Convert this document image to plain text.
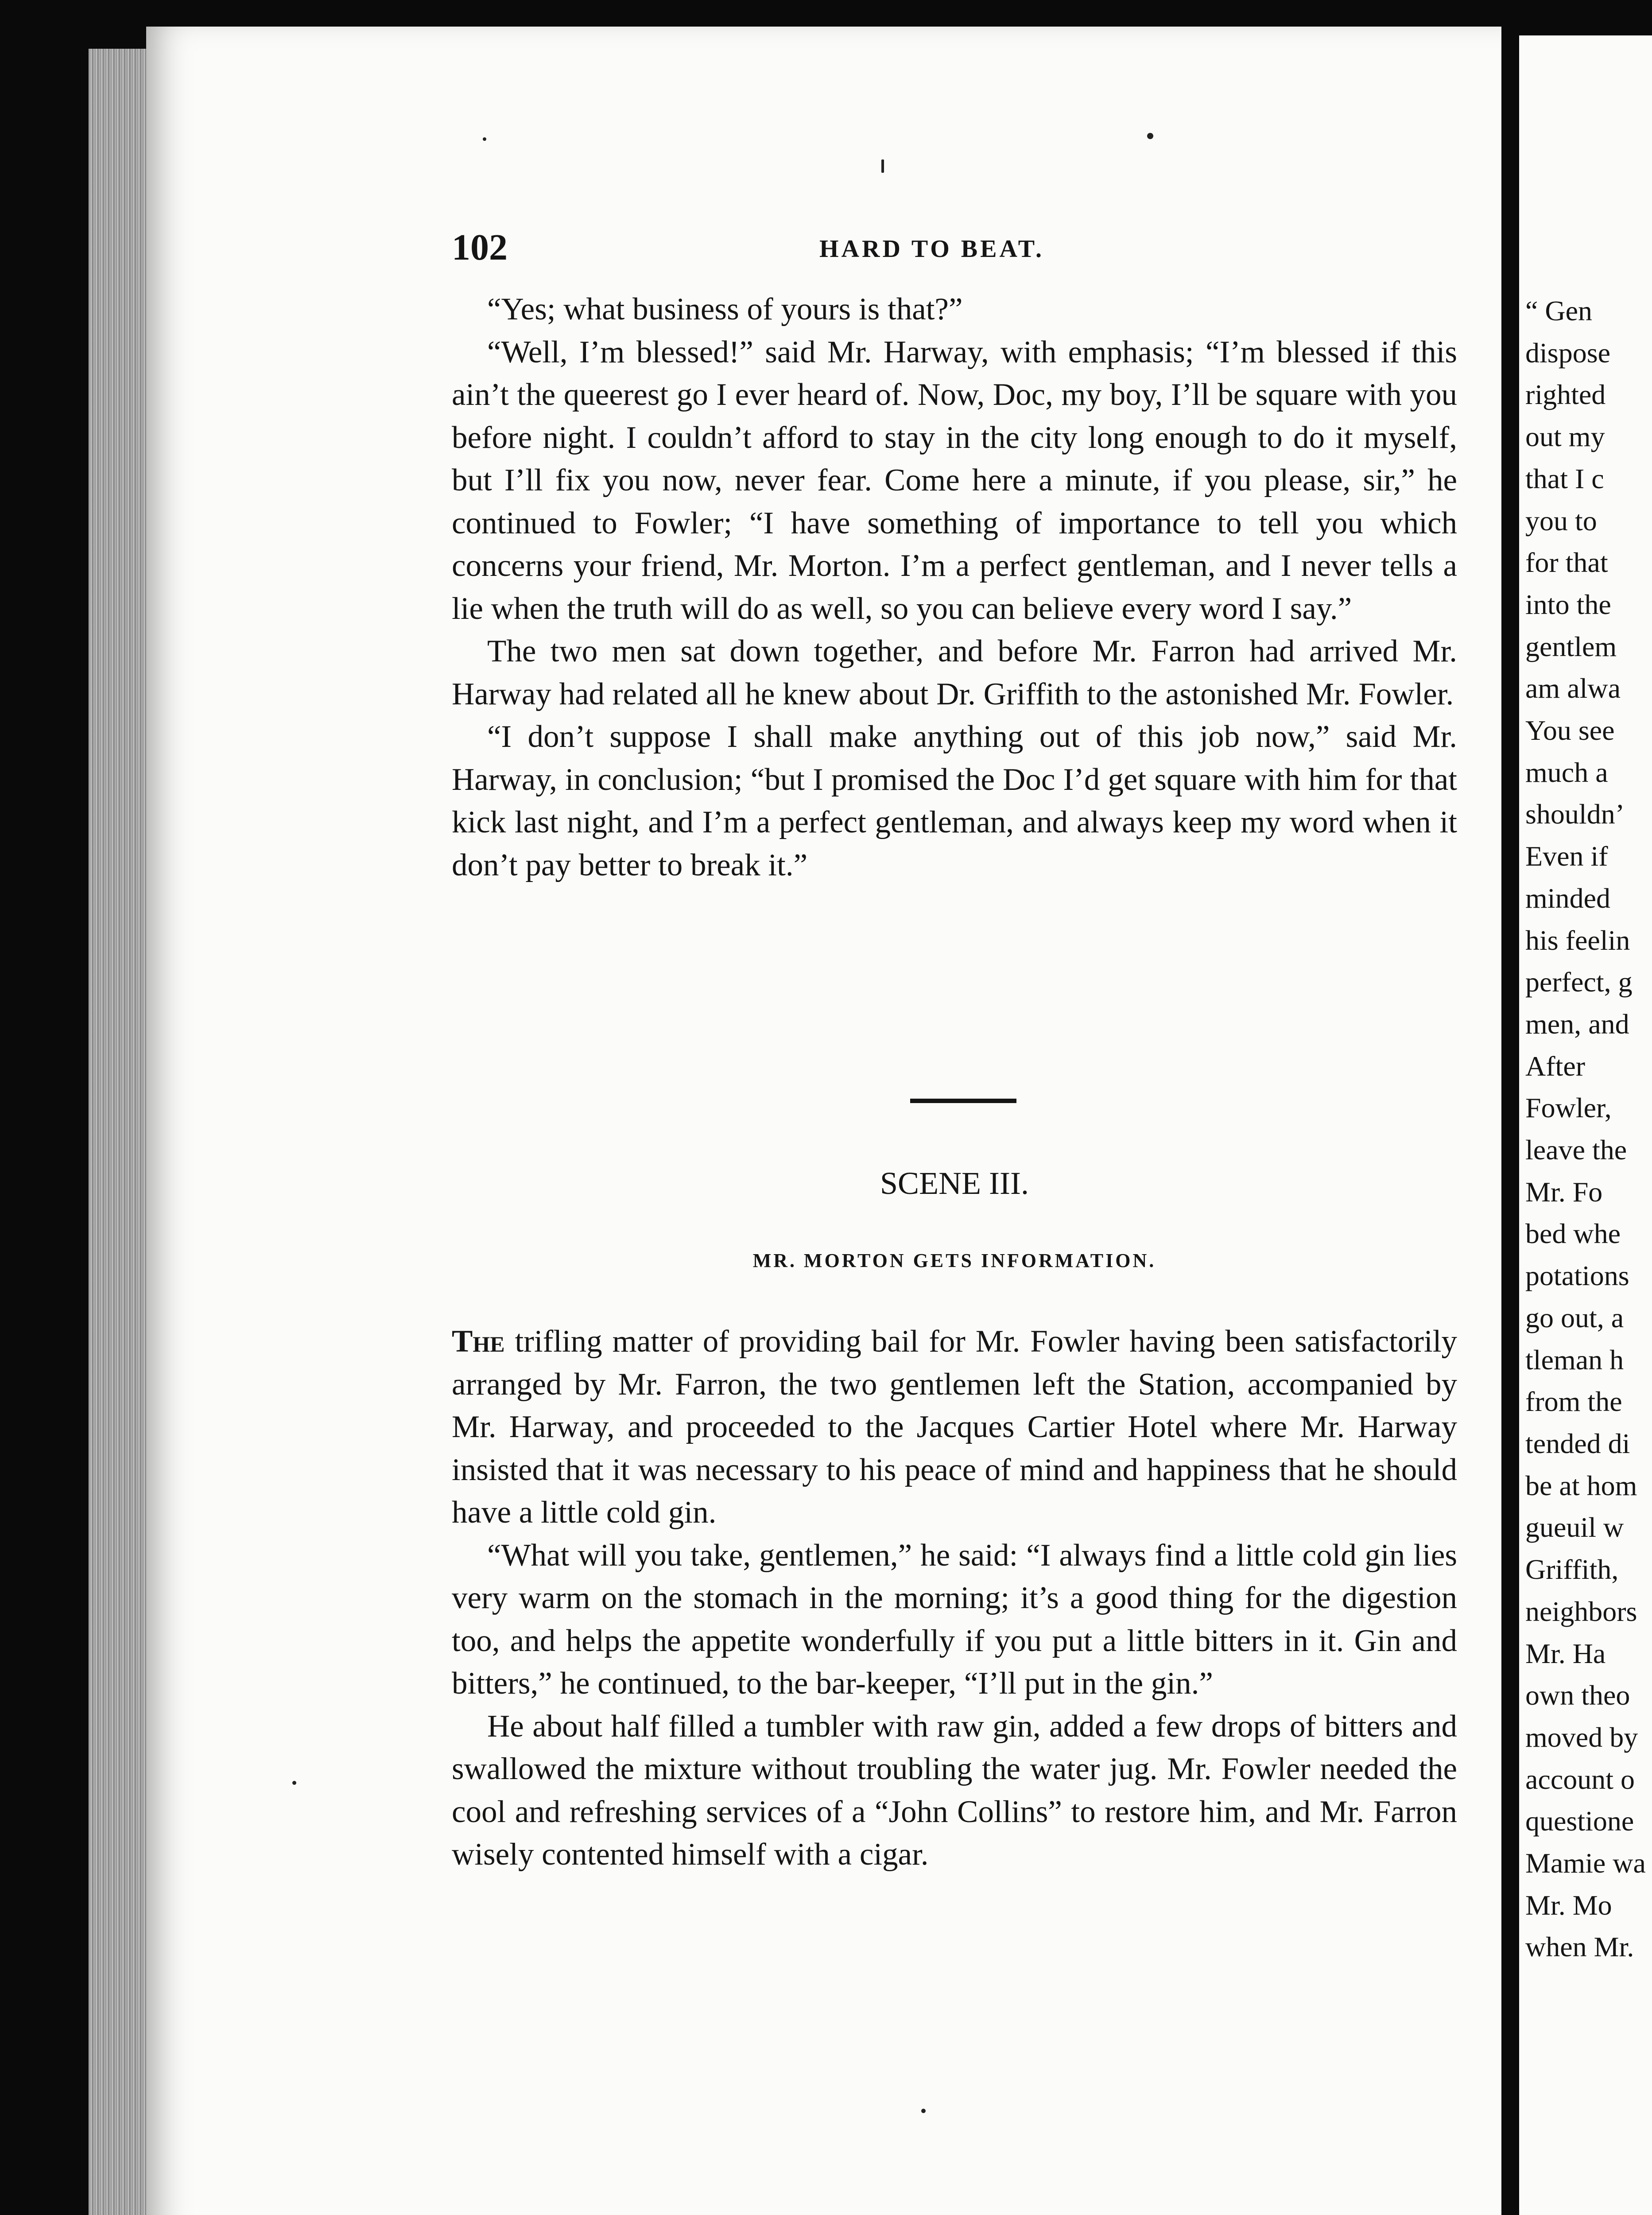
102	HARD TO BEAT.

“Yes; what business of yours is that?”

“Well, I’m blessed!” said Mr. Harway, with emphasis; “I’m blessed if this ain’t the queerest go I ever heard of. Now, Doc, my boy, I’ll be square with you before night. I couldn’t afford to stay in the city long enough to do it myself, but I’ll fix you now, never fear. Come here a minute, if you please, sir,” he continued to Fowler; “I have something of importance to tell you which concerns your friend, Mr. Morton. I’m a perfect gentleman, and I never tells a lie when the truth will do as well, so you can believe every word I say.”

The two men sat down together, and before Mr. Farron had arrived Mr. Harway had related all he knew about Dr. Griffith to the astonished Mr. Fowler.

“I don’t suppose I shall make anything out of this job now,” said Mr. Harway, in conclusion; “but I promised the Doc I’d get square with him for that kick last night, and I’m a perfect gentleman, and always keep my word when it don’t pay better to break it.”

SCENE III.
MR. MORTON GETS INFORMATION.

The trifling matter of providing bail for Mr. Fowler having been satisfactorily arranged by Mr. Farron, the two gentlemen left the Station, accompanied by Mr. Harway, and proceeded to the Jacques Cartier Hotel where Mr. Harway insisted that it was necessary to his peace of mind and happiness that he should have a little cold gin.

“What will you take, gentlemen,” he said: “I always find a little cold gin lies very warm on the stomach in the morning; it’s a good thing for the digestion too, and helps the appetite wonderfully if you put a little bitters in it. Gin and bitters,” he continued, to the bar-keeper, “I’ll put in the gin.”

He about half filled a tumbler with raw gin, added a few drops of bitters and swallowed the mixture without troubling the water jug. Mr. Fowler needed the cool and refreshing services of a “John Collins” to restore him, and Mr. Farron wisely contented himself with a cigar.

“ Gen

dispose

righted

out my

that I c

you to

for that

into the

gentlem

am alwa

You see

much a

shouldn’

Even if

minded

his feelin

perfect, g

men, and

After

Fowler,

leave the

Mr. Fo

bed whe

potations

go out, a

tleman h

from the

tended di

be at hom

gueuil w

Griffith,

neighbors

Mr. Ha

own theo

moved by

account o

questione

Mamie wa

Mr. Mo

when Mr.
